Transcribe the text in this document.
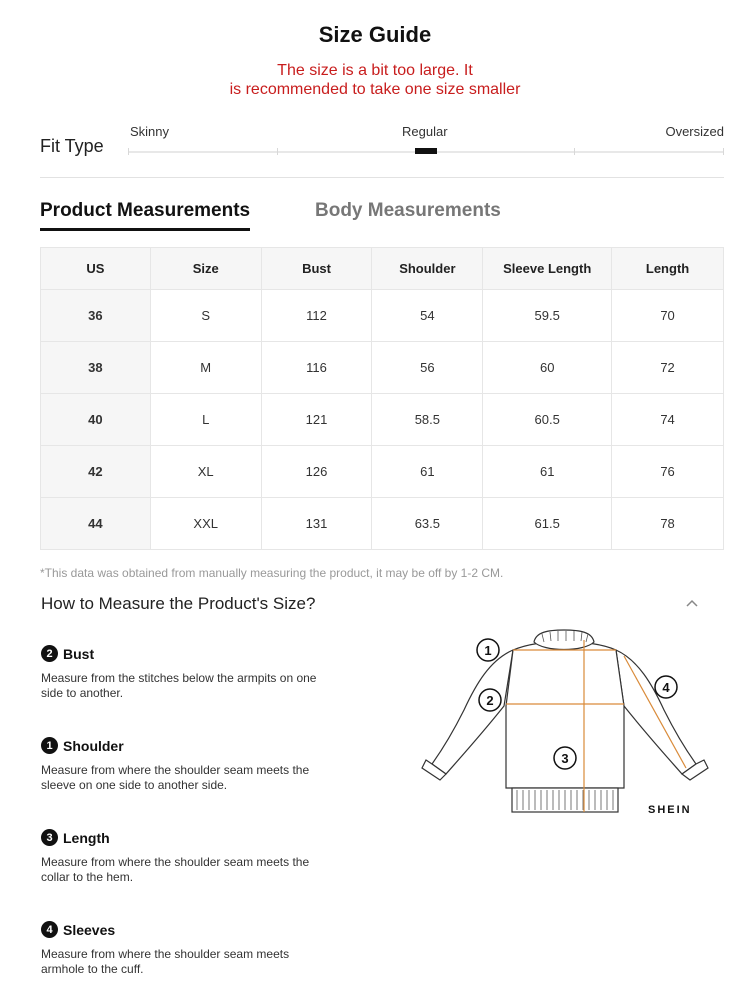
Size Guide
The size is a bit too large. It
is recommended to take one size smaller
Fit Type
Skinny	Regular	Oversized
Product Measurements	Body Measurements
US	Size	Bust	Shoulder	Sleeve Length	Length
36	S	112	54	59.5	70
38	M	116	56	60	72
40	L	121	58.5	60.5	74
42	XL	126	61	61	76
44	XXL	131	63.5	61.5	78
*This data was obtained from manually measuring the product, it may be off by 1-2 CM.
How to Measure the Product's Size?
2 Bust
Measure from the stitches below the armpits on one
side to another.
1 Shoulder
Measure from where the shoulder seam meets the
sleeve on one side to another side.
3 Length
Measure from where the shoulder seam meets the
collar to the hem.
4 Sleeves
Measure from where the shoulder seam meets
armhole to the cuff.
1
2
3
4
SHEIN
